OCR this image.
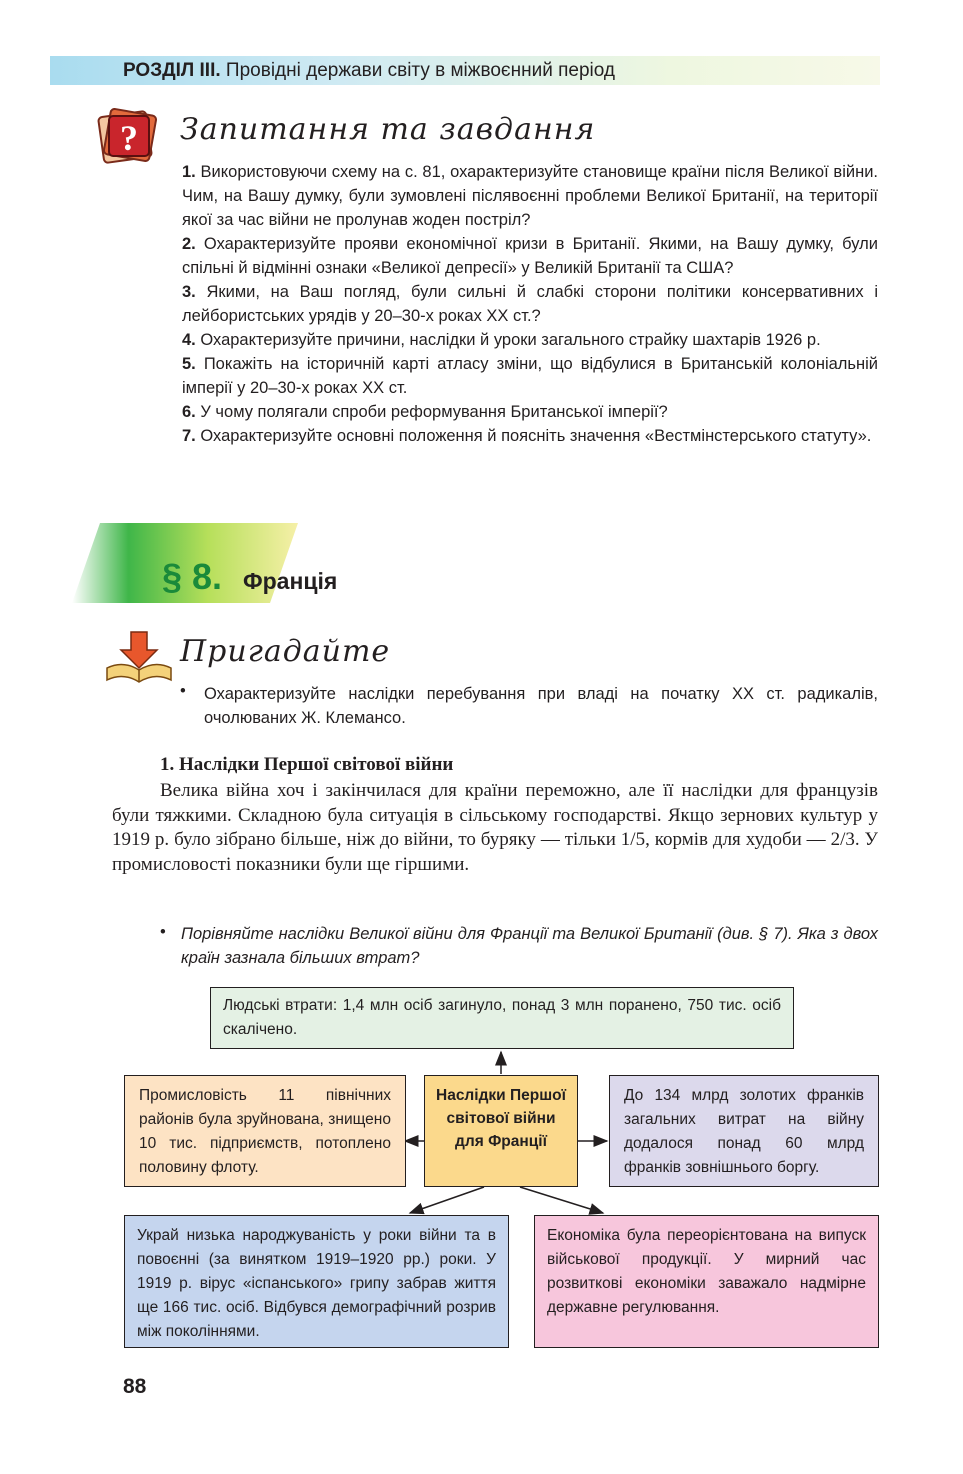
РОЗДІЛ III. Провідні держави світу в міжвоєнний період
? Запитання та завдання

1. Використовуючи схему на с. 81, охарактеризуйте становище країни після Великої війни. Чим, на Вашу думку, були зумовлені післявоєнні проблеми Великої Британії, на території якої за час війни не пролунав жоден постріл?

2. Охарактеризуйте прояви економічної кризи в Британії. Якими, на Вашу думку, були спільні й відмінні ознаки «Великої депресії» у Великій Британії та США?

3. Якими, на Ваш погляд, були сильні й слабкі сторони політики консервативних і лейбористських урядів у 20–30-х роках XX ст.?

4. Охарактеризуйте причини, наслідки й уроки загального страйку шахтарів 1926 р.

5. Покажіть на історичній карті атласу зміни, що відбулися в Британській колоніальній імперії у 20–30-х роках XX ст.

6. У чому полягали спроби реформування Британської імперії?

7. Охарактеризуйте основні положення й поясніть значення «Вестмінстерського статуту».

§ 8. Франція
Пригадайте
• Охарактеризуйте наслідки перебування при владі на початку XX ст. радикалів, очолюваних Ж. Клемансо.
1. Наслідки Першої світової війни

Велика війна хоч і закінчилася для країни переможно, але її наслідки для французів були тяжкими. Складною була ситуація в сільському господарстві. Якщо зернових культур у 1919 р. було зібрано більше, ніж до війни, то буряку — тільки 1/5, кормів для худоби — 2/3. У промисловості показники були ще гіршими.

• Порівняйте наслідки Великої війни для Франції та Великої Британії (див. § 7). Яка з двох країн зазнала більших втрат?
Людські втрати: 1,4 млн осіб загинуло, понад 3 млн поранено, 750 тис. осіб скалічено.
Наслідки Першої світової війни для Франції
Промисловість 11 північних районів була зруйнована, знищено 10 тис. підприємств, потоплено половину флоту.
До 134 млрд золотих франків загальних витрат на війну додалося понад 60 млрд франків зовнішнього боргу.
Украй низька народжуваність у роки війни та в повоєнні (за винятком 1919–1920 рр.) роки. У 1919 р. вірус «іспанського» грипу забрав життя ще 166 тис. осіб. Відбувся демографічний розрив між поколіннями.
Економіка була переорієнтована на випуск військової продукції. У мирний час розвиткові економіки заважало надмірне державне регулювання.
88
